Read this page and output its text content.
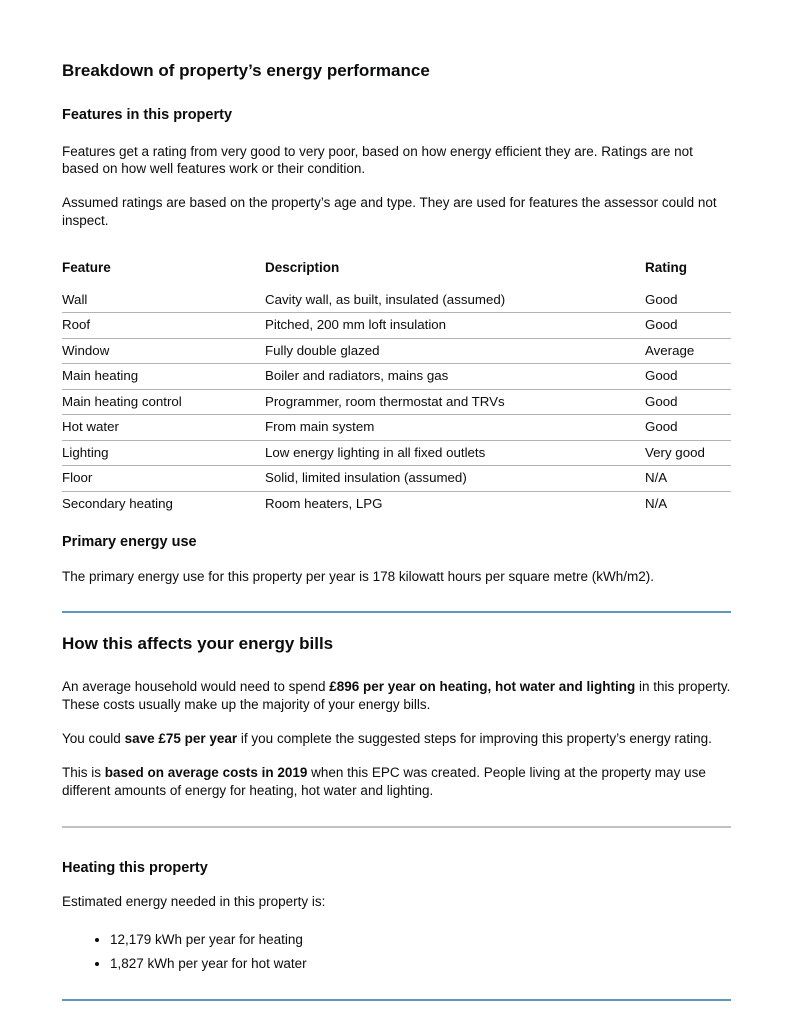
Breakdown of property’s energy performance
Features in this property

Features get a rating from very good to very poor, based on how energy efficient they are. Ratings are not based on how well features work or their condition.

Assumed ratings are based on the property’s age and type. They are used for features the assessor could not inspect.

Feature	Description	Rating
Wall	Cavity wall, as built, insulated (assumed)	Good
Roof	Pitched, 200 mm loft insulation	Good
Window	Fully double glazed	Average
Main heating	Boiler and radiators, mains gas	Good
Main heating control	Programmer, room thermostat and TRVs	Good
Hot water	From main system	Good
Lighting	Low energy lighting in all fixed outlets	Very good
Floor	Solid, limited insulation (assumed)	N/A
Secondary heating	Room heaters, LPG	N/A
Primary energy use

The primary energy use for this property per year is 178 kilowatt hours per square metre (kWh/m2).

How this affects your energy bills

An average household would need to spend £896 per year on heating, hot water and lighting in this property. These costs usually make up the majority of your energy bills.

You could save £75 per year if you complete the suggested steps for improving this property’s energy rating.

This is based on average costs in 2019 when this EPC was created. People living at the property may use different amounts of energy for heating, hot water and lighting.

Heating this property

Estimated energy needed in this property is:

• 12,179 kWh per year for heating
• 1,827 kWh per year for hot water
